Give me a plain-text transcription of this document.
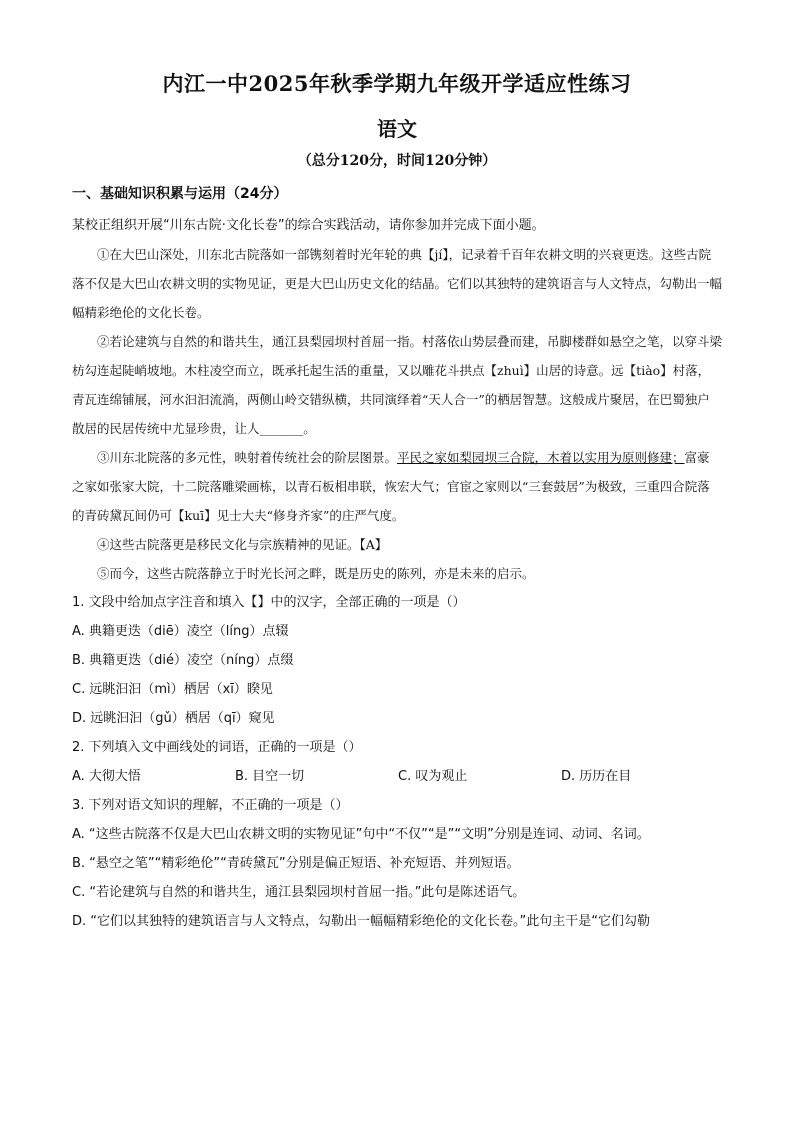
内江一中2025年秋季学期九年级开学适应性练习
语文
（总分120分，时间120分钟）
一、基础知识积累与运用（24分）

某校正组织开展“川东古院·文化长卷”的综合实践活动，请你参加并完成下面小题。

①在大巴山深处，川东北古院落如一部镌刻着时光年轮的典【jí】，记录着千百年农耕文明的兴衰更迭。这些古院落不仅是大巴山农耕文明的实物见证，更是大巴山历史文化的结晶。它们以其独特的建筑语言与人文特点，勾勒出一幅幅精彩绝伦的文化长卷。

②若论建筑与自然的和谐共生，通江县梨园坝村首屈一指。村落依山势层叠而建，吊脚楼群如悬空之笔，以穿斗梁枋勾连起陡峭坡地。木柱凌空而立，既承托起生活的重量，又以雕花斗拱点【zhuì】山居的诗意。远【tiào】村落，青瓦连绵铺展，河水汩汩流淌，两侧山岭交错纵横，共同演绎着“天人合一”的栖居智慧。这般成片聚居，在巴蜀独户散居的民居传统中尤显珍贵，让人_______。

③川东北院落的多元性，映射着传统社会的阶层图景。平民之家如梨园坝三合院，木着以实用为原则修建；富豪之家如张家大院，十二院落雕梁画栋，以青石板相串联，恢宏大气；官宦之家则以“三套鼓居”为极致，三重四合院落的青砖黛瓦间仍可【kuī】见士大夫“修身齐家”的庄严气度。

④这些古院落更是移民文化与宗族精神的见证。【A】

⑤而今，这些古院落静立于时光长河之畔，既是历史的陈列，亦是未来的启示。

1. 文段中给加点字注音和填入【】中的汉字，全部正确的一项是（）

A. 典籍更迭（diē）凌空（líng）点辍

B. 典籍更迭（dié）凌空（níng）点缀

C. 远眺汩汩（mì）栖居（xī）睽见

D. 远眺汩汩（gǔ）栖居（qī）窥见

2. 下列填入文中画线处的词语，正确的一项是（）

A. 大彻大悟	B. 目空一切	C. 叹为观止	D. 历历在目

3. 下列对语文知识的理解，不正确的一项是（）

A. “这些古院落不仅是大巴山农耕文明的实物见证”句中“不仅”“是”“文明”分别是连词、动词、名词。

B. “悬空之笔”“精彩绝伦”“青砖黛瓦”分别是偏正短语、补充短语、并列短语。

C. “若论建筑与自然的和谐共生，通江县梨园坝村首屈一指。”此句是陈述语气。

D. “它们以其独特的建筑语言与人文特点，勾勒出一幅幅精彩绝伦的文化长卷。”此句主干是“它们勾勒
